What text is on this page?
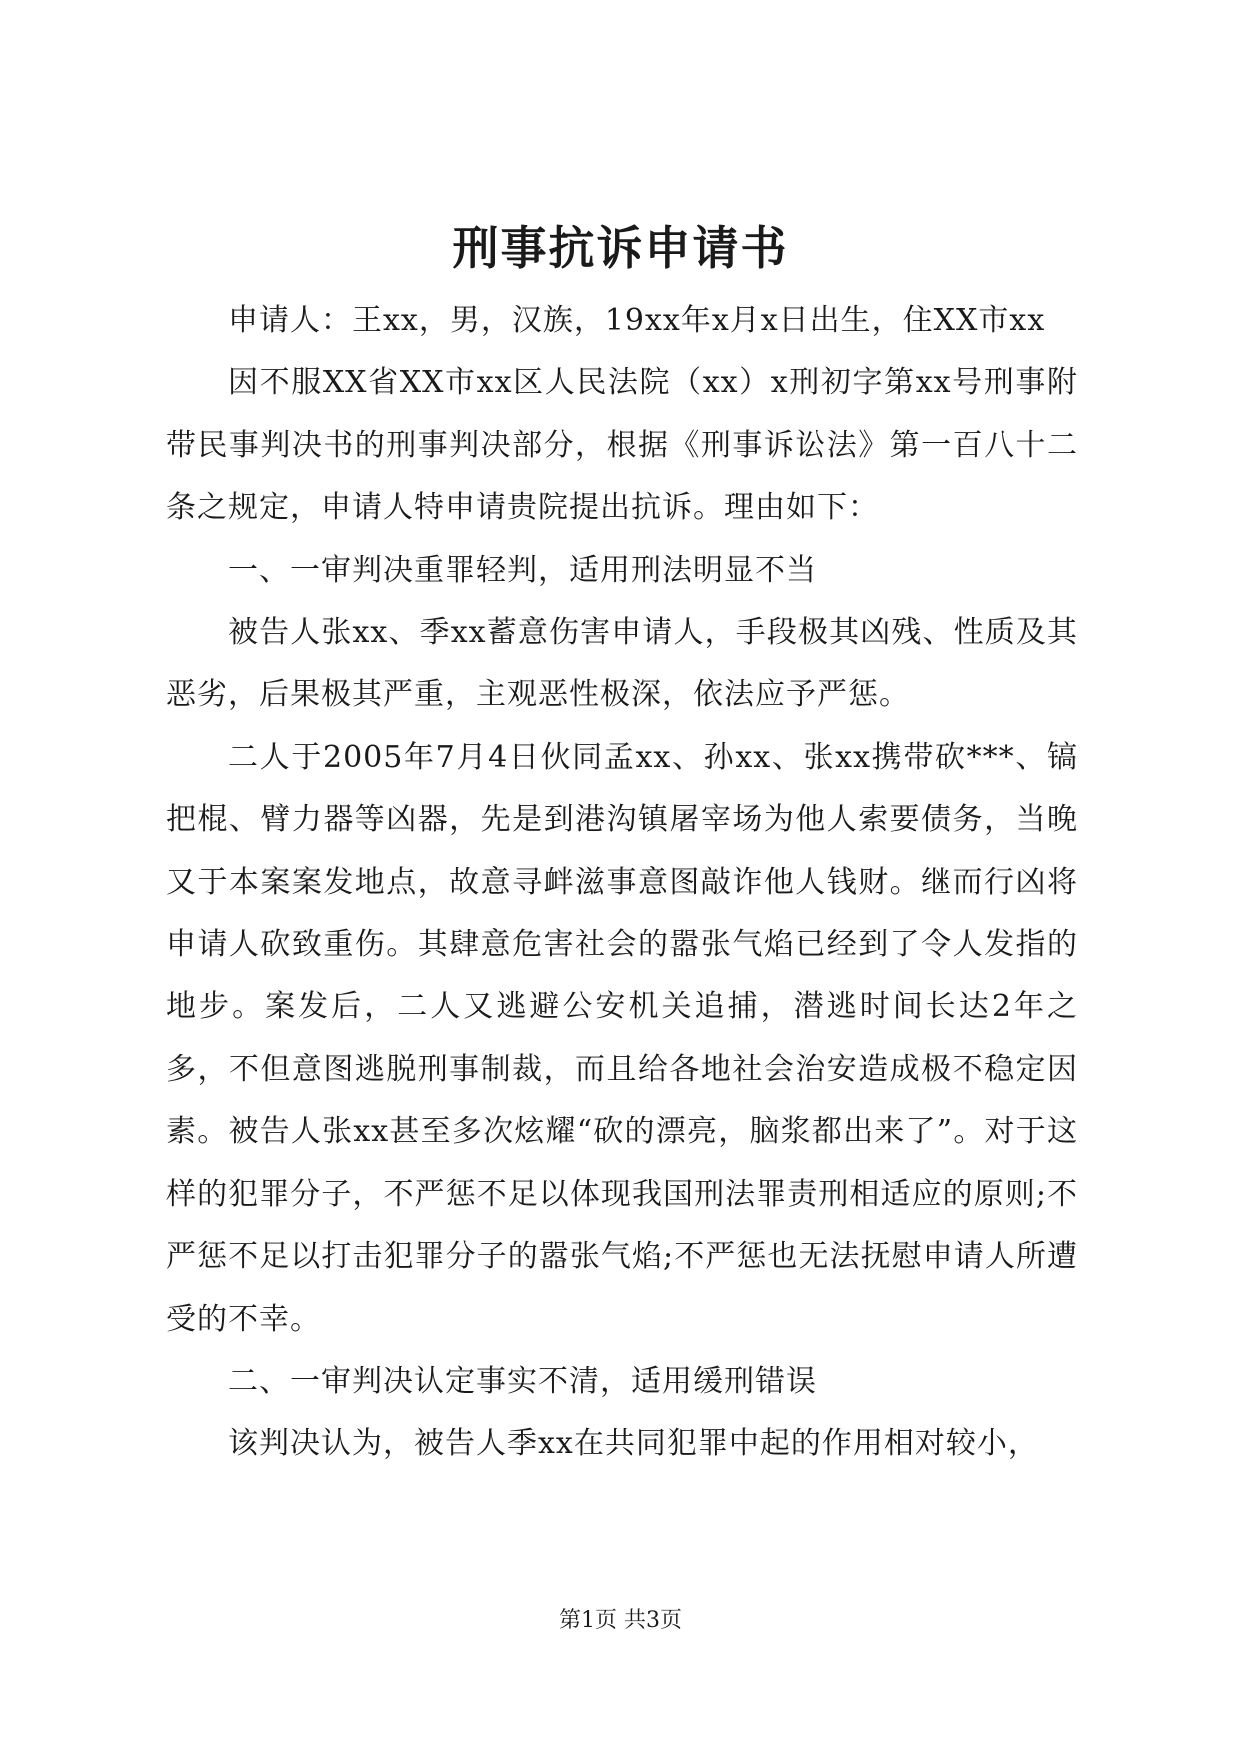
刑事抗诉申请书

申请人：王xx，男，汉族，19xx年x月x日出生，住XX市xx

因不服XX省XX市xx区人民法院（xx）x刑初字第xx号刑事附带民事判决书的刑事判决部分，根据《刑事诉讼法》第一百八十二条之规定，申请人特申请贵院提出抗诉。理由如下：

一、一审判决重罪轻判，适用刑法明显不当

被告人张xx、季xx蓄意伤害申请人，手段极其凶残、性质及其恶劣，后果极其严重，主观恶性极深，依法应予严惩。

二人于2005年7月4日伙同孟xx、孙xx、张xx携带砍***、镐把棍、臂力器等凶器，先是到港沟镇屠宰场为他人索要债务，当晚又于本案案发地点，故意寻衅滋事意图敲诈他人钱财。继而行凶将申请人砍致重伤。其肆意危害社会的嚣张气焰已经到了令人发指的地步。案发后，二人又逃避公安机关追捕，潜逃时间长达2年之多，不但意图逃脱刑事制裁，而且给各地社会治安造成极不稳定因素。被告人张xx甚至多次炫耀“砍的漂亮，脑浆都出来了”。对于这样的犯罪分子，不严惩不足以体现我国刑法罪责刑相适应的原则;不严惩不足以打击犯罪分子的嚣张气焰;不严惩也无法抚慰申请人所遭受的不幸。

二、一审判决认定事实不清，适用缓刑错误

该判决认为，被告人季xx在共同犯罪中起的作用相对较小，

第1页 共3页
